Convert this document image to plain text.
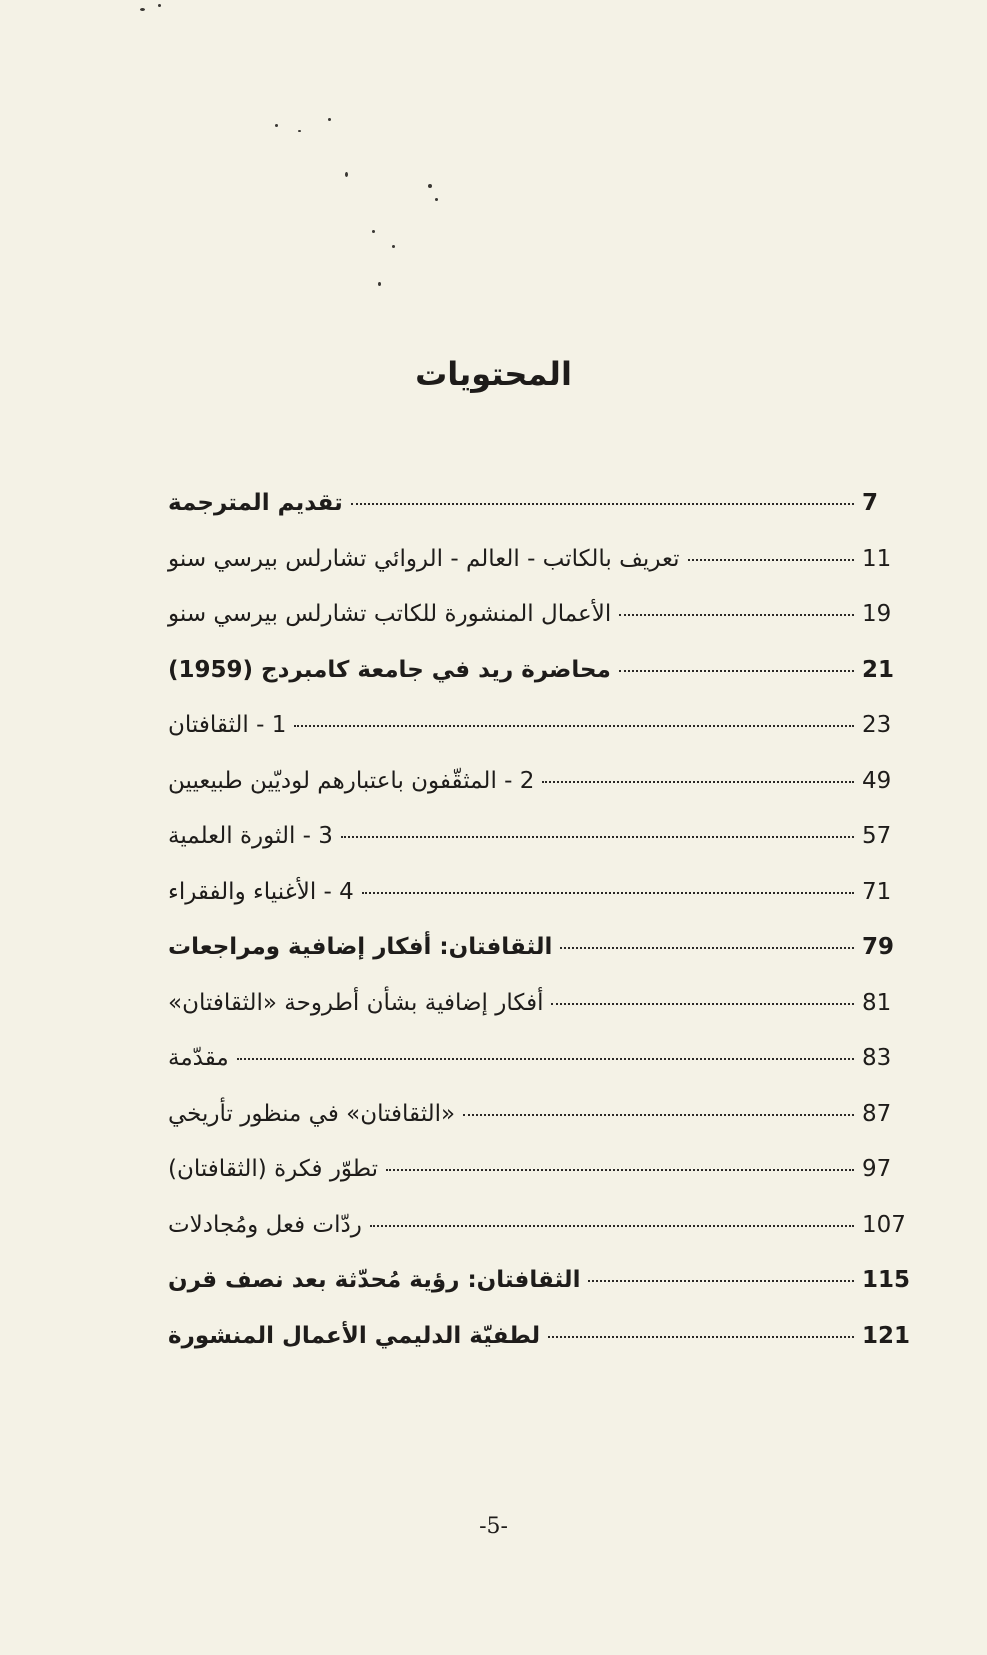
المحتويات
تقديم المترجمة	7
تعريف بالكاتب - العالم - الروائي تشارلس بيرسي سنو	11
الأعمال المنشورة للكاتب تشارلس بيرسي سنو	19
محاضرة ريد في جامعة كامبردج (1959)	21
1 - الثقافتان	23
2 - المثقّفون باعتبارهم لوديّين طبيعيين	49
3 - الثورة العلمية	57
4 - الأغنياء والفقراء	71
الثقافتان: أفكار إضافية ومراجعات	79
أفكار إضافية بشأن أطروحة «الثقافتان»	81
مقدّمة	83
«الثقافتان» في منظور تأريخي	87
تطوّر فكرة (الثقافتان)	97
ردّات فعل ومُجادلات	107
الثقافتان: رؤية مُحدّثة بعد نصف قرن	115
لطفيّة الدليمي الأعمال المنشورة	121

-5-
